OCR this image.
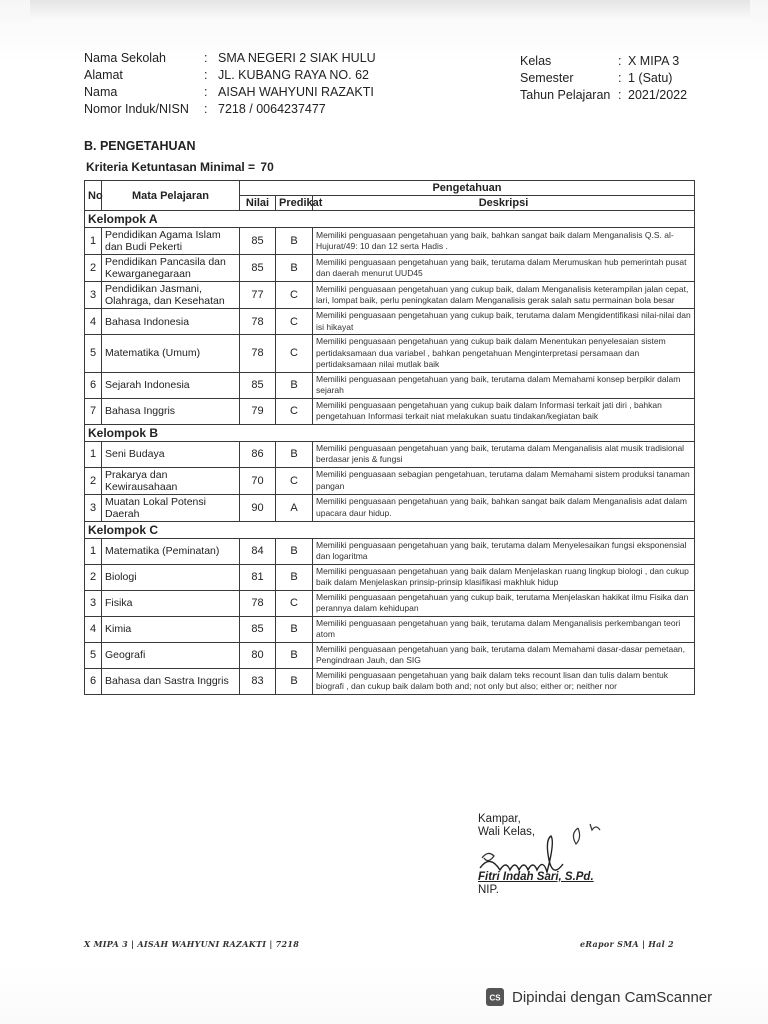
Nama Sekolah	: SMA NEGERI 2 SIAK HULU
Alamat	: JL. KUBANG RAYA NO. 62
Nama	: AISAH WAHYUNI RAZAKTI
Nomor Induk/NISN	: 7218 / 0064237477
Kelas	: X MIPA 3
Semester	: 1 (Satu)
Tahun Pelajaran : 2021/2022
B. PENGETAHUAN
Kriteria Ketuntasan Minimal = 70
No	Mata Pelajaran	Pengetahuan		
		Nilai	Predikat	Deskripsi
Kelompok A				
1	Pendidikan Agama Islam dan Budi Pekerti	85	B	Memiliki penguasaan pengetahuan yang baik, bahkan sangat baik dalam Menganalisis Q.S. al-Hujurat/49: 10 dan 12 serta Hadis .
2	Pendidikan Pancasila dan Kewarganegaraan	85	B	Memiliki penguasaan pengetahuan yang baik, terutama dalam Merumuskan hub pemerintah pusat dan daerah menurut UUD45
3	Pendidikan Jasmani, Olahraga, dan Kesehatan	77	C	Memiliki penguasaan pengetahuan yang cukup baik, dalam Menganalisis keterampilan jalan cepat, lari, lompat baik, perlu peningkatan dalam Menganalisis gerak salah satu permainan bola besar
4	Bahasa Indonesia	78	C	Memiliki penguasaan pengetahuan yang cukup baik, terutama dalam Mengidentifikasi nilai-nilai dan isi hikayat
5	Matematika (Umum)	78	C	Memiliki penguasaan pengetahuan yang cukup baik dalam Menentukan penyelesaian sistem pertidaksamaan dua variabel , bahkan pengetahuan Menginterpretasi persamaan dan pertidaksamaan nilai mutlak baik
6	Sejarah Indonesia	85	B	Memiliki penguasaan pengetahuan yang baik, terutama dalam Memahami konsep berpikir dalam sejarah
7	Bahasa Inggris	79	C	Memiliki penguasaan pengetahuan yang cukup baik dalam Informasi terkait jati diri , bahkan pengetahuan Informasi terkait niat melakukan suatu tindakan/kegiatan baik
Kelompok B				
1	Seni Budaya	86	B	Memiliki penguasaan pengetahuan yang baik, terutama dalam Menganalisis alat musik tradisional berdasar jenis & fungsi
2	Prakarya dan Kewirausahaan	70	C	Memiliki penguasaan sebagian pengetahuan, terutama dalam Memahami sistem produksi tanaman pangan
3	Muatan Lokal Potensi Daerah	90	A	Memiliki penguasaan pengetahuan yang baik, bahkan sangat baik dalam Menganalisis adat dalam upacara daur hidup.
Kelompok C				
1	Matematika (Peminatan)	84	B	Memiliki penguasaan pengetahuan yang baik, terutama dalam Menyelesaikan fungsi eksponensial dan logaritma
2	Biologi	81	B	Memiliki penguasaan pengetahuan yang baik dalam Menjelaskan ruang lingkup biologi , dan cukup baik dalam Menjelaskan prinsip-prinsip klasifikasi makhluk hidup
3	Fisika	78	C	Memiliki penguasaan pengetahuan yang cukup baik, terutama Menjelaskan hakikat ilmu Fisika dan perannya dalam kehidupan
4	Kimia	85	B	Memiliki penguasaan pengetahuan yang baik, terutama dalam Menganalisis perkembangan teori atom
5	Geografi	80	B	Memiliki penguasaan pengetahuan yang baik, terutama dalam Memahami dasar-dasar pemetaan, Pengindraan Jauh, dan SIG
6	Bahasa dan Sastra Inggris	83	B	Memiliki penguasaan pengetahuan yang baik dalam teks recount lisan dan tulis dalam bentuk biografi , dan cukup baik dalam both and; not only but also; either or; neither nor
Kampar,
Wali Kelas,
Fitri Indah Sari, S.Pd.
NIP.
X MIPA 3 | AISAH WAHYUNI RAZAKTI | 7218	eRapor SMA | Hal 2
CS Dipindai dengan CamScanner
